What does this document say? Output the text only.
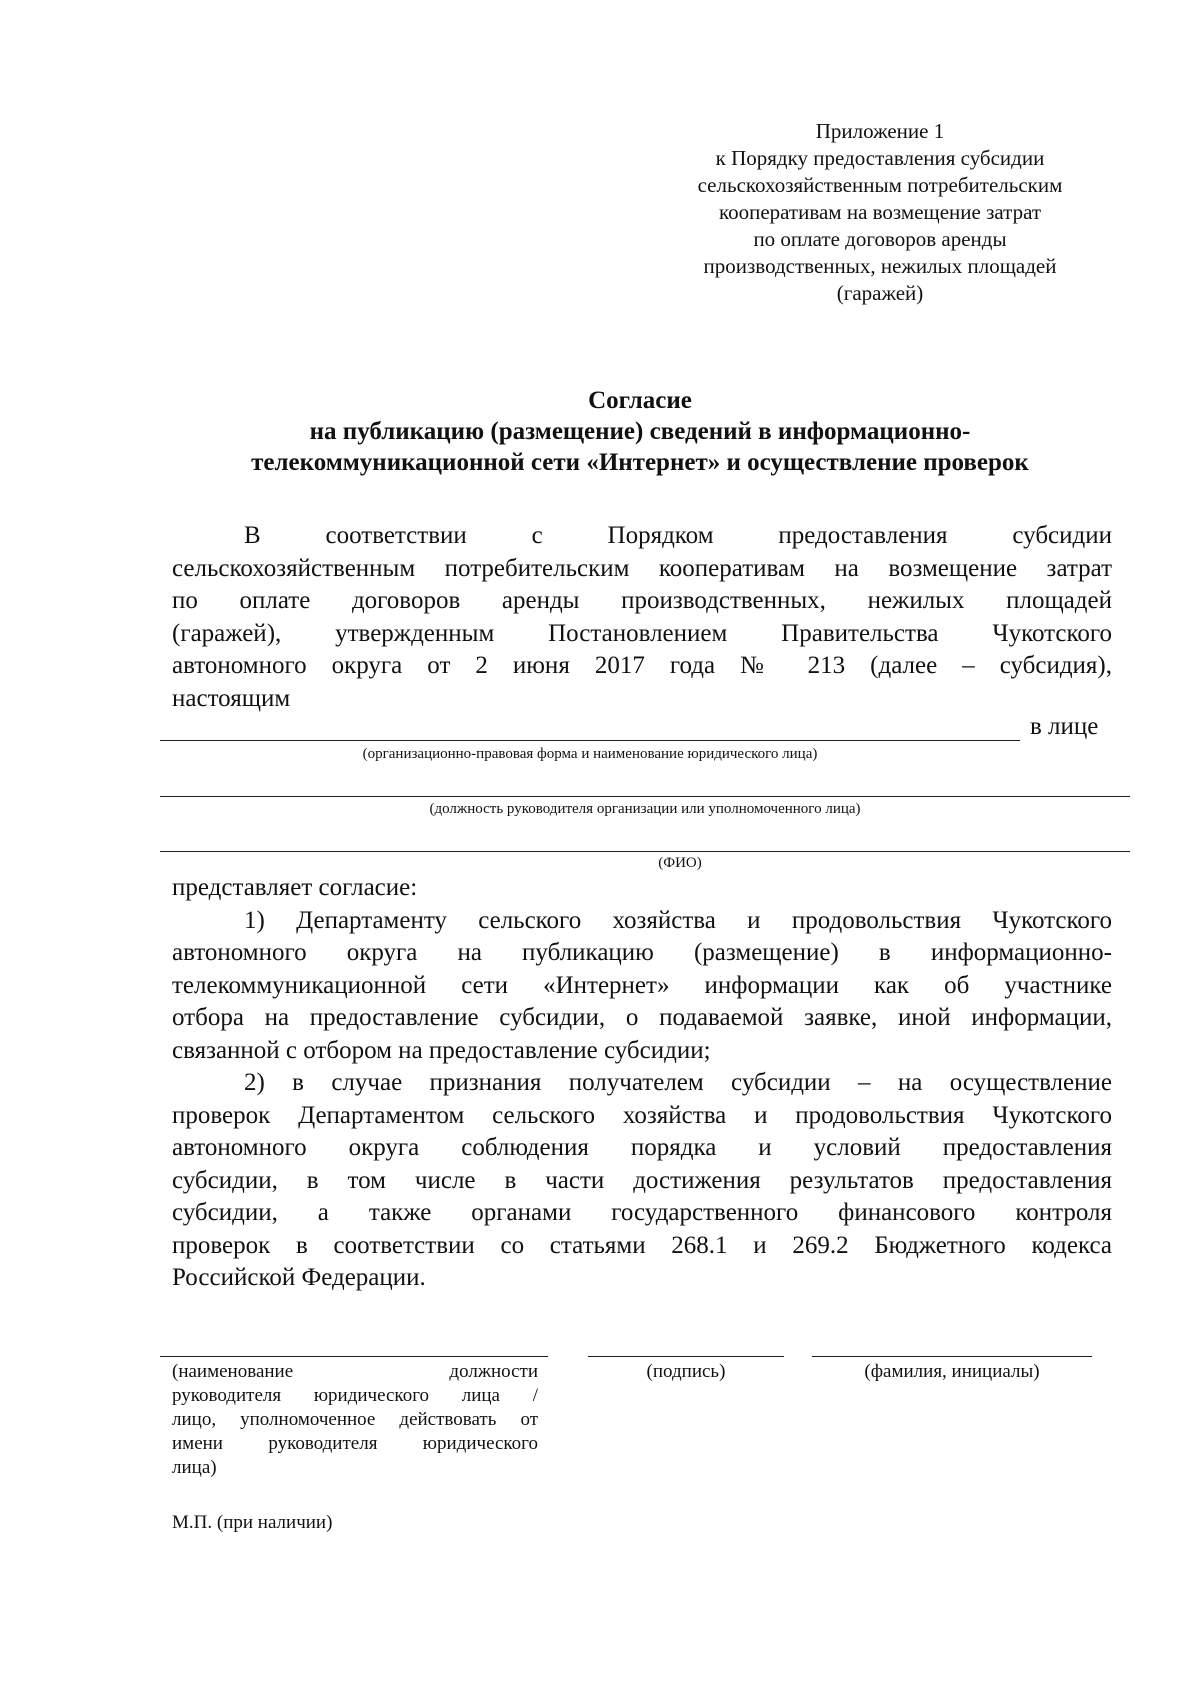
Приложение 1
к Порядку предоставления субсидии
сельскохозяйственным потребительским
кооперативам на возмещение затрат
по оплате договоров аренды
производственных, нежилых площадей
(гаражей)
Согласие
на публикацию (размещение) сведений в информационно-
телекоммуникационной сети «Интернет» и осуществление проверок
В соответствии с Порядком предоставления субсидии
сельскохозяйственным потребительским кооперативам на возмещение затрат
по оплате договоров аренды производственных, нежилых площадей
(гаражей), утвержденным Постановлением Правительства Чукотского
автономного округа от 2 июня 2017 года № 213 (далее – субсидия),
настоящим
в лице
(организационно-правовая форма и наименование юридического лица)
(должность руководителя организации или уполномоченного лица)
(ФИО)
представляет согласие:
1) Департаменту сельского хозяйства и продовольствия Чукотского
автономного округа на публикацию (размещение) в информационно-
телекоммуникационной сети «Интернет» информации как об участнике
отбора на предоставление субсидии, о подаваемой заявке, иной информации,
связанной с отбором на предоставление субсидии;
2) в случае признания получателем субсидии – на осуществление
проверок Департаментом сельского хозяйства и продовольствия Чукотского
автономного округа соблюдения порядка и условий предоставления
субсидии, в том числе в части достижения результатов предоставления
субсидии, а также органами государственного финансового контроля
проверок в соответствии со статьями 268.1 и 269.2 Бюджетного кодекса
Российской Федерации.
(наименование должности
руководителя юридического лица /
лицо, уполномоченное действовать от
имени руководителя юридического
лица)
(подпись)	(фамилия, инициалы)
М.П. (при наличии)
